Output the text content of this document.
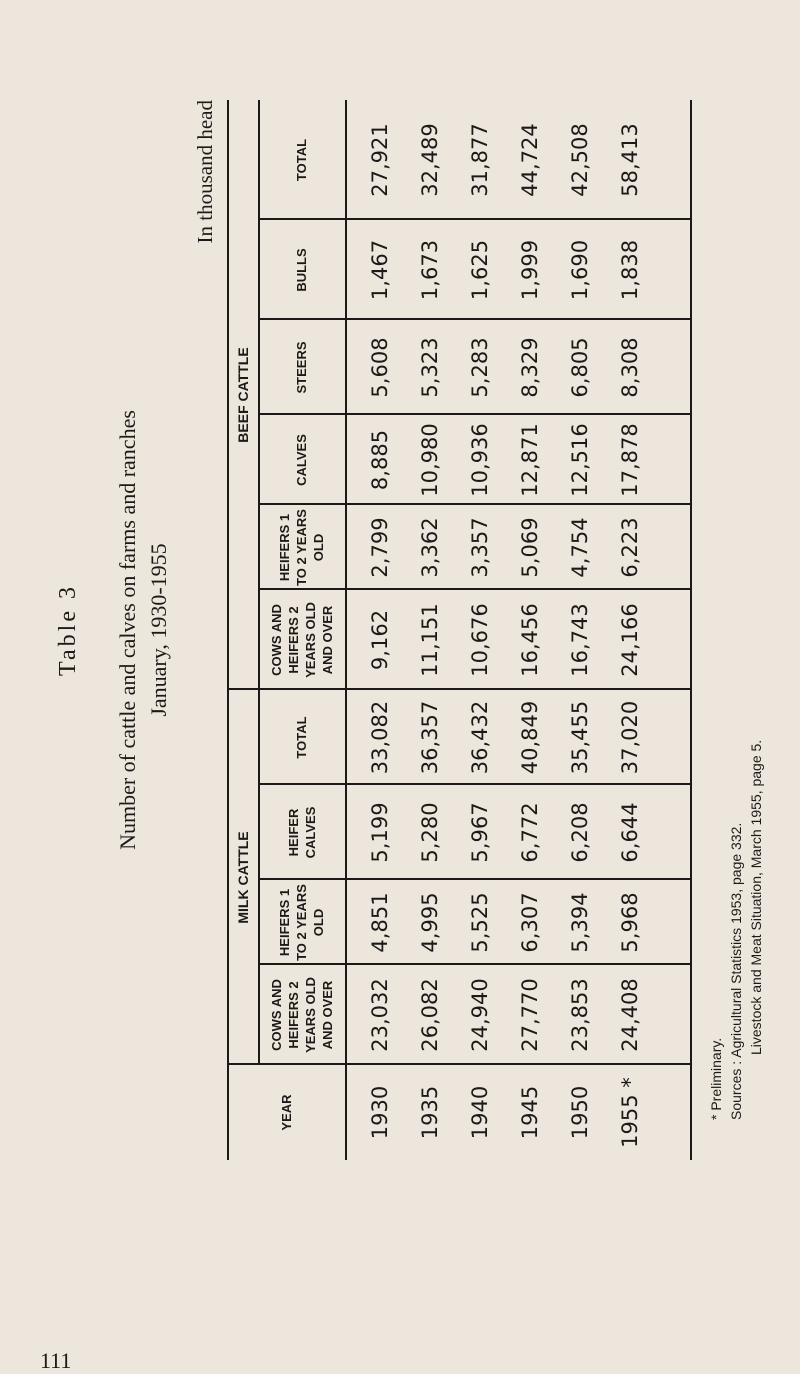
Table 3 Number of cattle and calves on farms and ranches January, 1930-1955
In thousand head
MILK CATTLE
BEEF CATTLE
YEAR
COWS AND HEIFERS 2 YEARS OLD AND OVER
HEIFERS 1 TO 2 YEARS OLD
HEIFER CALVES
TOTAL
COWS AND HEIFERS 2 YEARS OLD AND OVER
HEIFERS 1 TO 2 YEARS OLD
CALVES
STEERS
BULLS
TOTAL
1930
23,032
4,851
5,199
33,082
9,162
2,799
8,885
5,608
1,467
27,921
1935
26,082
4,995
5,280
36,357
11,151
3,362
10,980
5,323
1,673
32,489
1940
24,940
5,525
5,967
36,432
10,676
3,357
10,936
5,283
1,625
31,877
1945
27,770
6,307
6,772
40,849
16,456
5,069
12,871
8,329
1,999
44,724
1950
23,853
5,394
6,208
35,455
16,743
4,754
12,516
6,805
1,690
42,508
1955 *
24,408
5,968
6,644
37,020
24,166
6,223
17,878
8,308
1,838
58,413
* Preliminary. Sources : Agricultural Statistics 1953, page 332. Livestock and Meat Situation, March 1955, page 5.
111
